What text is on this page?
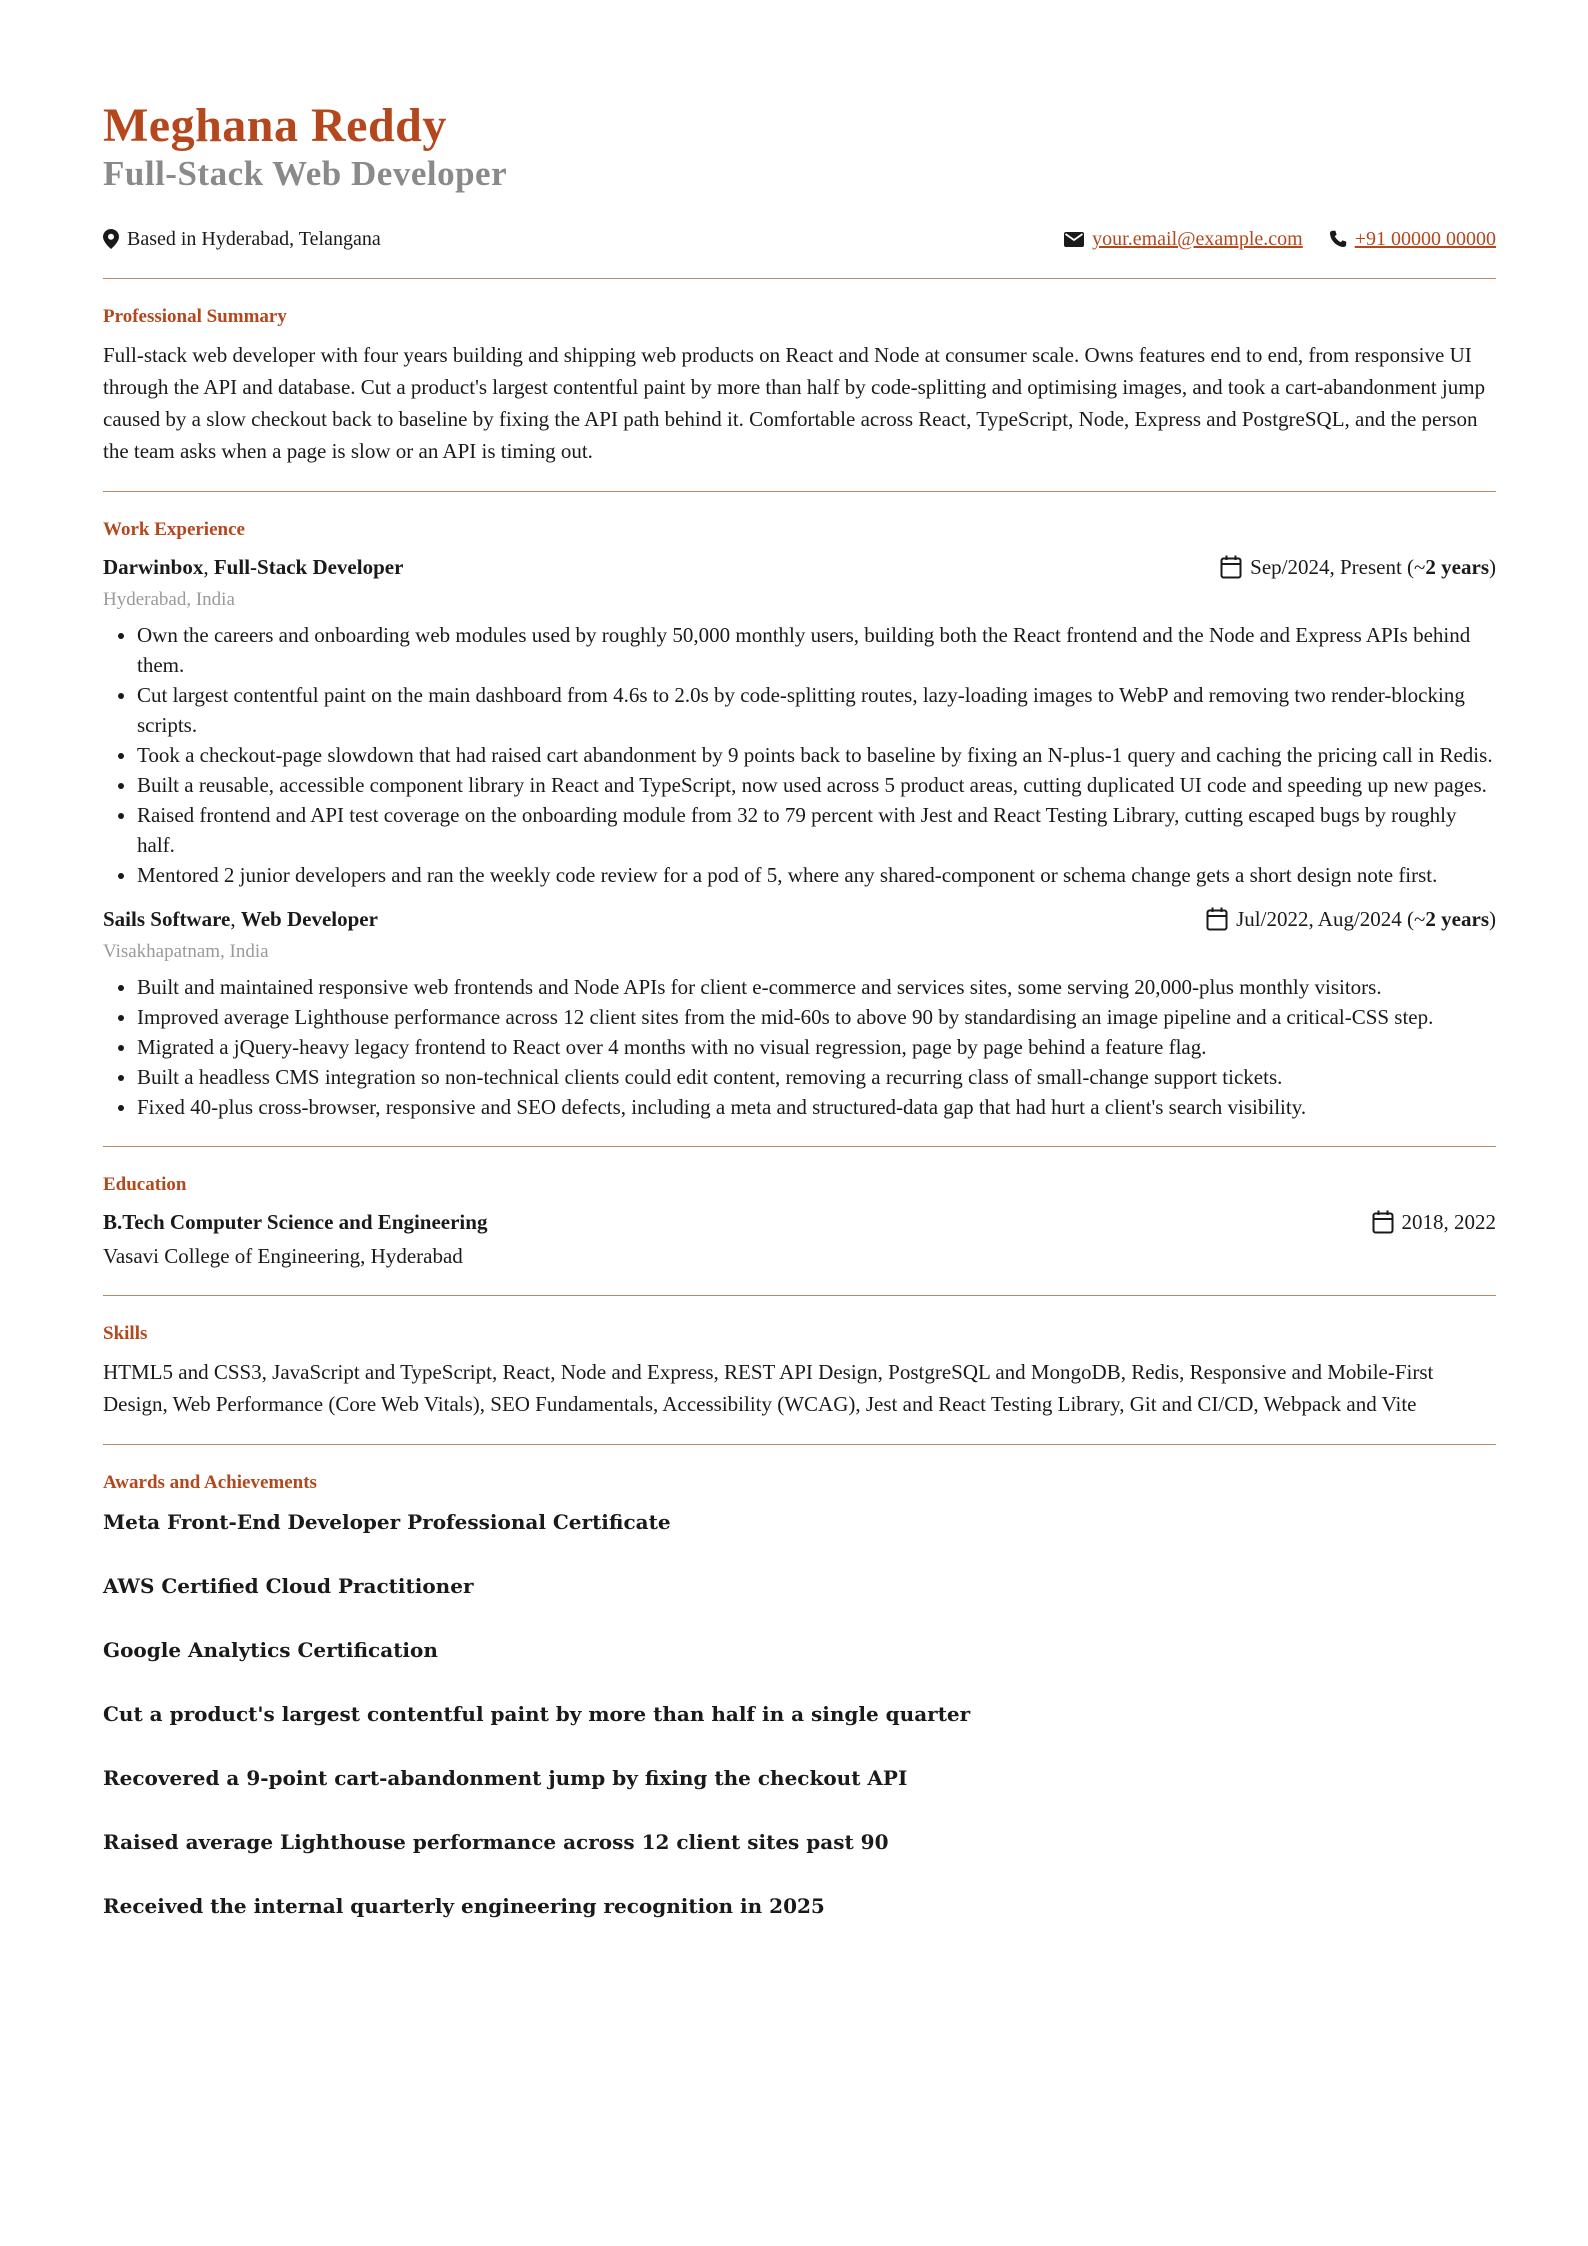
Meghana Reddy
Full-Stack Web Developer
Based in Hyderabad, Telangana	your.email@example.com	+91 00000 00000
Professional Summary

Full-stack web developer with four years building and shipping web products on React and Node at consumer scale. Owns features end to end, from responsive UI through the API and database. Cut a product's largest contentful paint by more than half by code-splitting and optimising images, and took a cart-abandonment jump caused by a slow checkout back to baseline by fixing the API path behind it. Comfortable across React, TypeScript, Node, Express and PostgreSQL, and the person the team asks when a page is slow or an API is timing out.

Work Experience
Darwinbox, Full-Stack Developer	Sep/2024, Present (~ 2 years )
Hyderabad, India
• Own the careers and onboarding web modules used by roughly 50,000 monthly users, building both the React frontend and the Node and Express APIs behind them.
• Cut largest contentful paint on the main dashboard from 4.6s to 2.0s by code-splitting routes, lazy-loading images to WebP and removing two render-blocking scripts.
• Took a checkout-page slowdown that had raised cart abandonment by 9 points back to baseline by fixing an N-plus-1 query and caching the pricing call in Redis.
• Built a reusable, accessible component library in React and TypeScript, now used across 5 product areas, cutting duplicated UI code and speeding up new pages.
• Raised frontend and API test coverage on the onboarding module from 32 to 79 percent with Jest and React Testing Library, cutting escaped bugs by roughly half.
• Mentored 2 junior developers and ran the weekly code review for a pod of 5, where any shared-component or schema change gets a short design note first.
Sails Software, Web Developer	Jul/2022, Aug/2024 (~ 2 years )
Visakhapatnam, India
• Built and maintained responsive web frontends and Node APIs for client e-commerce and services sites, some serving 20,000-plus monthly visitors.
• Improved average Lighthouse performance across 12 client sites from the mid-60s to above 90 by standardising an image pipeline and a critical-CSS step.
• Migrated a jQuery-heavy legacy frontend to React over 4 months with no visual regression, page by page behind a feature flag.
• Built a headless CMS integration so non-technical clients could edit content, removing a recurring class of small-change support tickets.
• Fixed 40-plus cross-browser, responsive and SEO defects, including a meta and structured-data gap that had hurt a client's search visibility.
Education
B.Tech Computer Science and Engineering	2018, 2022
Vasavi College of Engineering, Hyderabad
Skills

HTML5 and CSS3, JavaScript and TypeScript, React, Node and Express, REST API Design, PostgreSQL and MongoDB, Redis, Responsive and Mobile-First Design, Web Performance (Core Web Vitals), SEO Fundamentals, Accessibility (WCAG), Jest and React Testing Library, Git and CI/CD, Webpack and Vite

Awards and Achievements

Meta Front-End Developer Professional Certificate

AWS Certified Cloud Practitioner

Google Analytics Certification

Cut a product's largest contentful paint by more than half in a single quarter

Recovered a 9-point cart-abandonment jump by fixing the checkout API

Raised average Lighthouse performance across 12 client sites past 90

Received the internal quarterly engineering recognition in 2025
